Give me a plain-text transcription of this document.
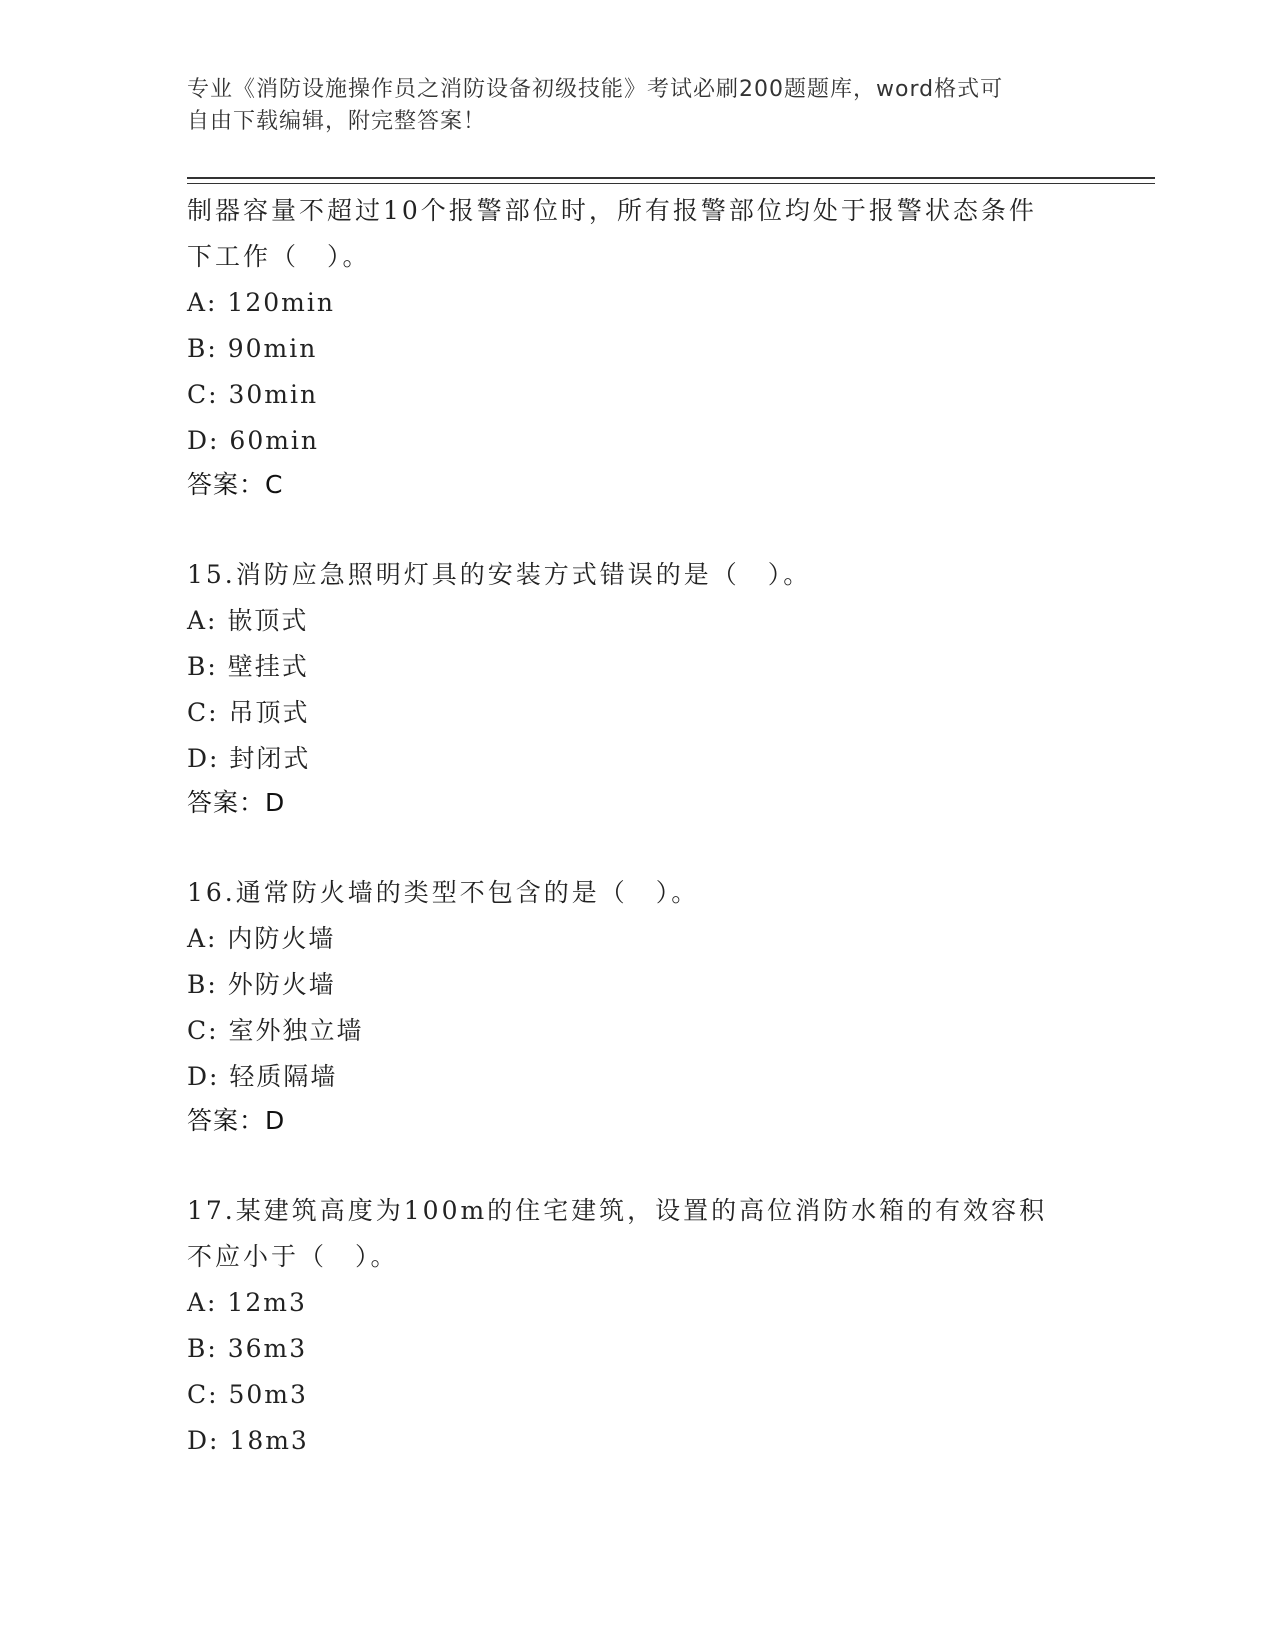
专业《消防设施操作员之消防设备初级技能》考试必刷200题题库，word格式可
自由下载编辑，附完整答案！
制器容量不超过10个报警部位时，所有报警部位均处于报警状态条件
下工作（　）。
A: 120min
B: 90min
C: 30min
D: 60min
答案：C
15.消防应急照明灯具的安装方式错误的是（　）。
A: 嵌顶式
B: 壁挂式
C: 吊顶式
D: 封闭式
答案：D
16.通常防火墙的类型不包含的是（　）。
A: 内防火墙
B: 外防火墙
C: 室外独立墙
D: 轻质隔墙
答案：D
17.某建筑高度为100m的住宅建筑，设置的高位消防水箱的有效容积
不应小于（　）。
A: 12m3
B: 36m3
C: 50m3
D: 18m3
